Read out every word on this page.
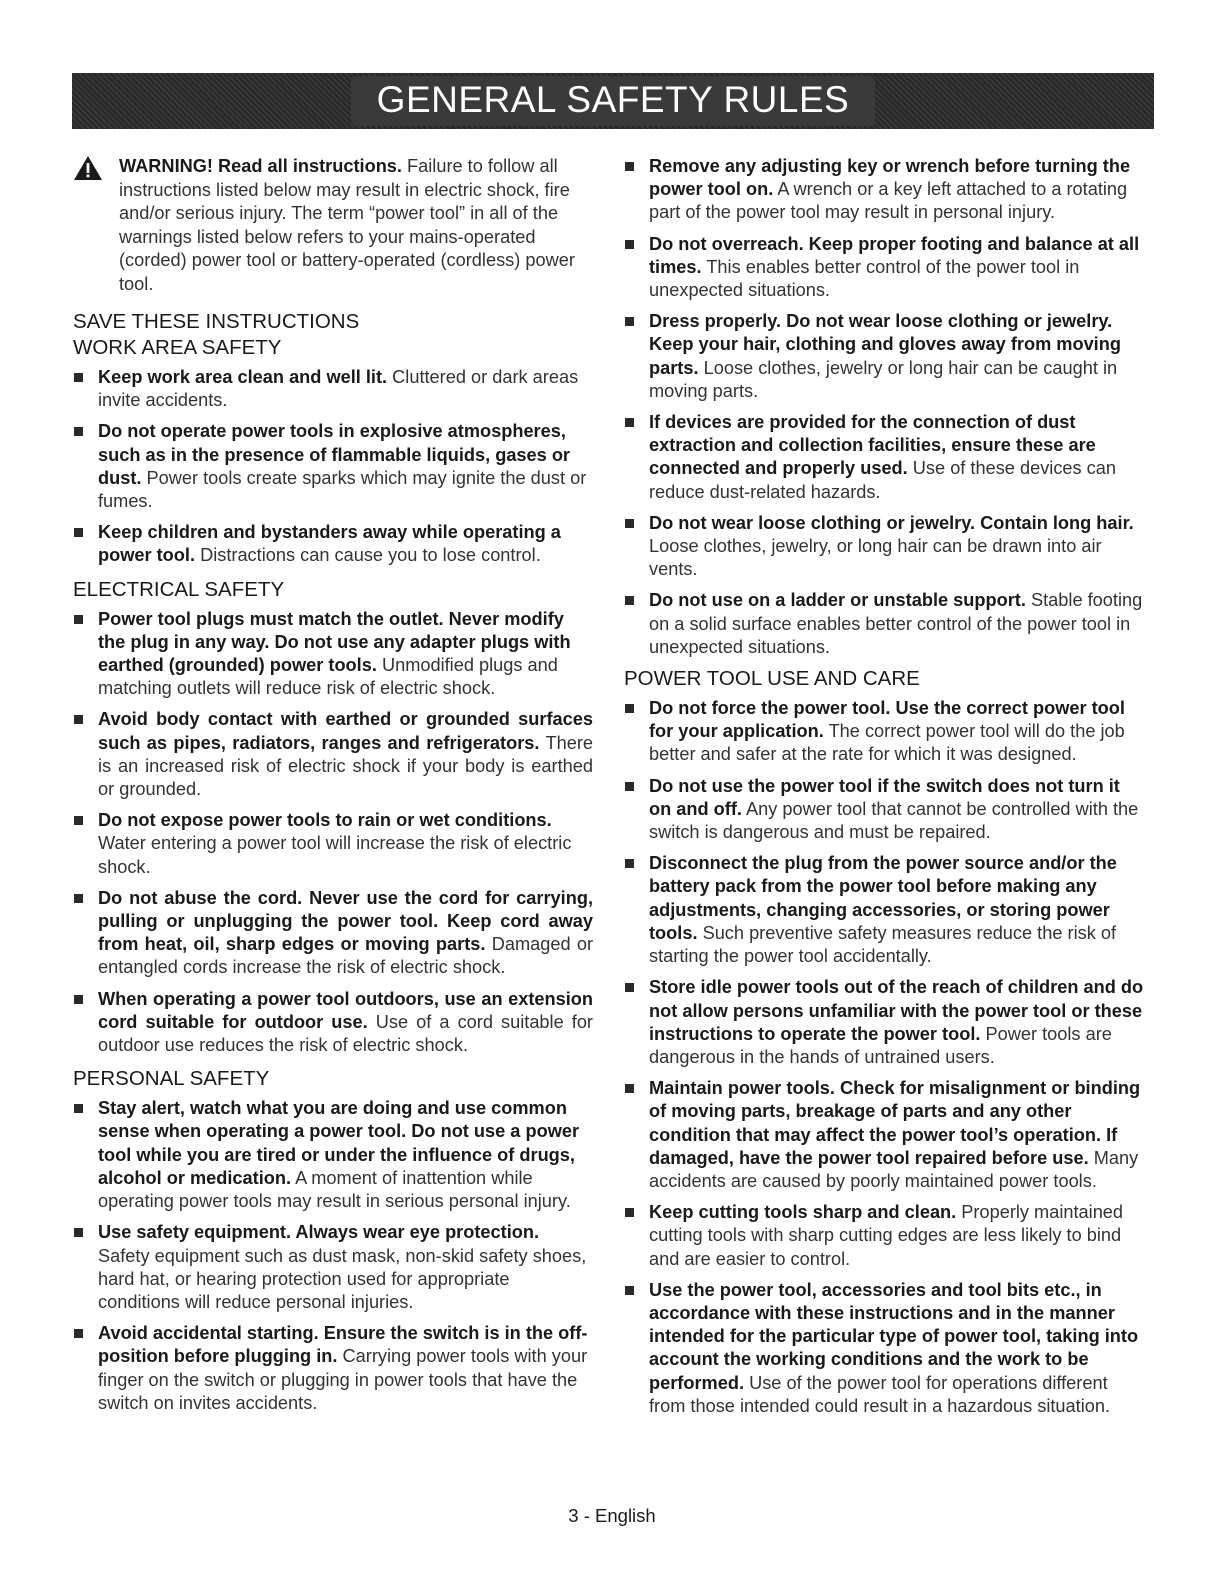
GENERAL SAFETY RULES
WARNING! Read all instructions. Failure to follow all instructions listed below may result in electric shock, fire and/or serious injury. The term “power tool” in all of the warnings listed below refers to your mains-operated (corded) power tool or battery-operated (cordless) power tool.
SAVE THESE INSTRUCTIONS
WORK AREA SAFETY
Keep work area clean and well lit. Cluttered or dark areas invite accidents.
Do not operate power tools in explosive atmospheres, such as in the presence of flammable liquids, gases or dust. Power tools create sparks which may ignite the dust or fumes.
Keep children and bystanders away while operating a power tool. Distractions can cause you to lose control.
ELECTRICAL SAFETY
Power tool plugs must match the outlet. Never modify the plug in any way. Do not use any adapter plugs with earthed (grounded) power tools. Unmodified plugs and matching outlets will reduce risk of electric shock.
Avoid body contact with earthed or grounded surfaces such as pipes, radiators, ranges and refrigerators. There is an increased risk of electric shock if your body is earthed or grounded.
Do not expose power tools to rain or wet conditions. Water entering a power tool will increase the risk of electric shock.
Do not abuse the cord. Never use the cord for carrying, pulling or unplugging the power tool. Keep cord away from heat, oil, sharp edges or moving parts. Damaged or entangled cords increase the risk of electric shock.
When operating a power tool outdoors, use an extension cord suitable for outdoor use. Use of a cord suitable for outdoor use reduces the risk of electric shock.
PERSONAL SAFETY
Stay alert, watch what you are doing and use common sense when operating a power tool. Do not use a power tool while you are tired or under the influence of drugs, alcohol or medication. A moment of inattention while operating power tools may result in serious personal injury.
Use safety equipment. Always wear eye protection. Safety equipment such as dust mask, non-skid safety shoes, hard hat, or hearing protection used for appropriate conditions will reduce personal injuries.
Avoid accidental starting. Ensure the switch is in the off-position before plugging in. Carrying power tools with your finger on the switch or plugging in power tools that have the switch on invites accidents.
Remove any adjusting key or wrench before turning the power tool on. A wrench or a key left attached to a rotating part of the power tool may result in personal injury.
Do not overreach. Keep proper footing and balance at all times. This enables better control of the power tool in unexpected situations.
Dress properly. Do not wear loose clothing or jewelry. Keep your hair, clothing and gloves away from moving parts. Loose clothes, jewelry or long hair can be caught in moving parts.
If devices are provided for the connection of dust extraction and collection facilities, ensure these are connected and properly used. Use of these devices can reduce dust-related hazards.
Do not wear loose clothing or jewelry. Contain long hair. Loose clothes, jewelry, or long hair can be drawn into air vents.
Do not use on a ladder or unstable support. Stable footing on a solid surface enables better control of the power tool in unexpected situations.
POWER TOOL USE AND CARE
Do not force the power tool. Use the correct power tool for your application. The correct power tool will do the job better and safer at the rate for which it was designed.
Do not use the power tool if the switch does not turn it on and off. Any power tool that cannot be controlled with the switch is dangerous and must be repaired.
Disconnect the plug from the power source and/or the battery pack from the power tool before making any adjustments, changing accessories, or storing power tools. Such preventive safety measures reduce the risk of starting the power tool accidentally.
Store idle power tools out of the reach of children and do not allow persons unfamiliar with the power tool or these instructions to operate the power tool. Power tools are dangerous in the hands of untrained users.
Maintain power tools. Check for misalignment or binding of moving parts, breakage of parts and any other condition that may affect the power tool’s operation. If damaged, have the power tool repaired before use. Many accidents are caused by poorly maintained power tools.
Keep cutting tools sharp and clean. Properly maintained cutting tools with sharp cutting edges are less likely to bind and are easier to control.
Use the power tool, accessories and tool bits etc., in accordance with these instructions and in the manner intended for the particular type of power tool, taking into account the working conditions and the work to be performed. Use of the power tool for operations different from those intended could result in a hazardous situation.
3 - English
